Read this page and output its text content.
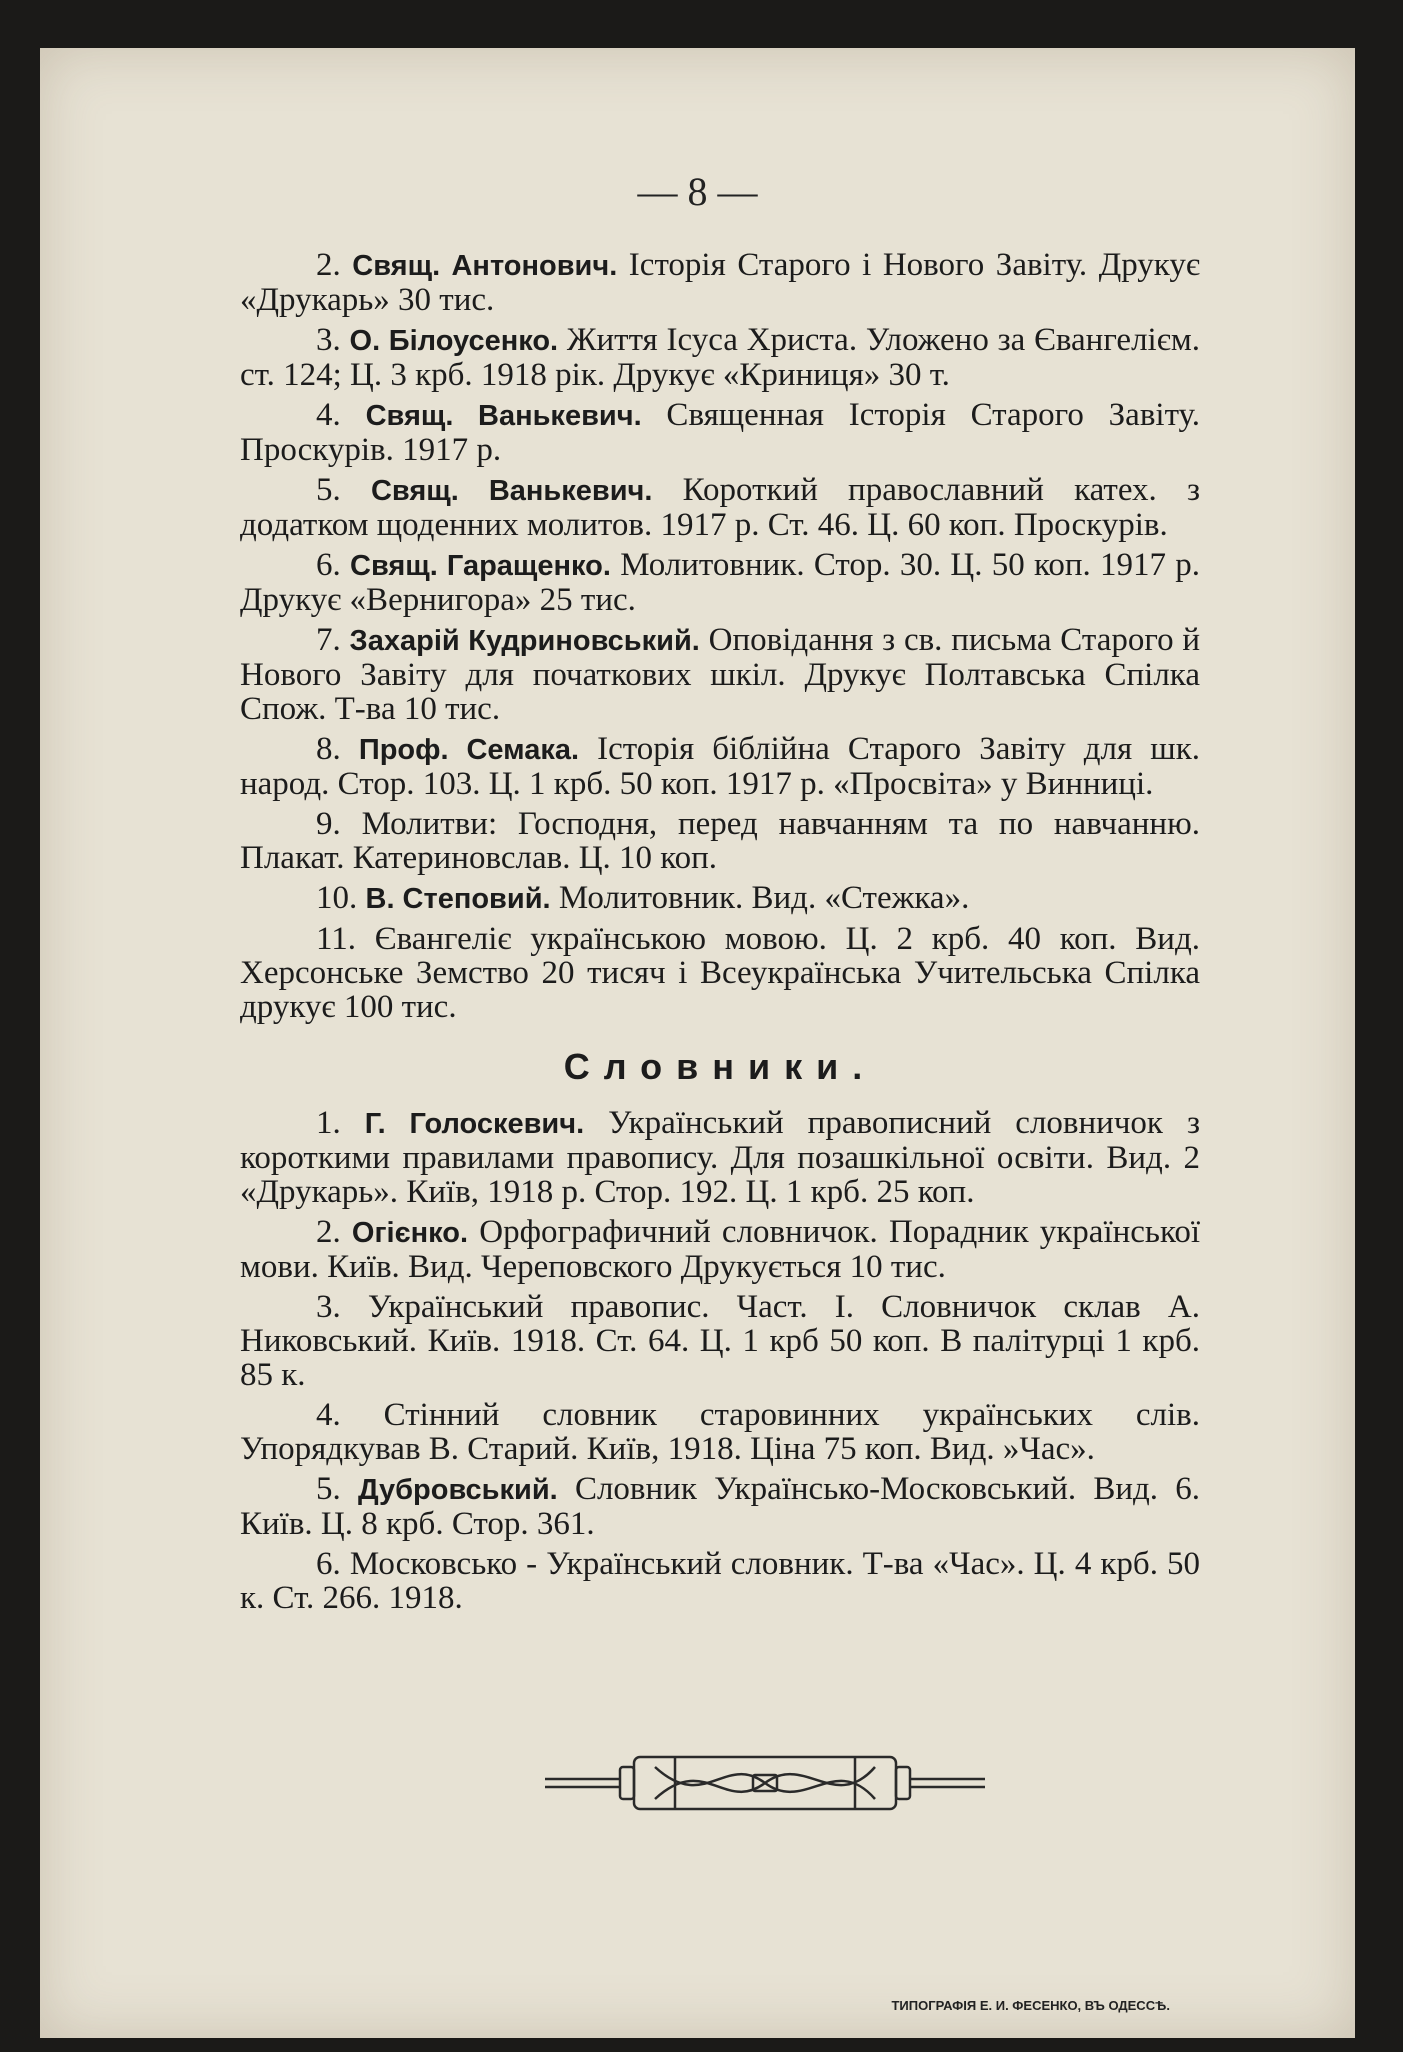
— 8 —

2. Свящ. Антонович. Історія Старого і Нового Завіту. Друкує «Друкарь» 30 тис.

3. О. Білоусенко. Життя Ісуса Христа. Уложено за Євангелієм. ст. 124; Ц. 3 крб. 1918 рік. Друкує «Криниця» 30 т.

4. Свящ. Ванькевич. Священная Історія Старого Завіту. Проскурів. 1917 р.

5. Свящ. Ванькевич. Короткий православний катех. з додатком щоденних молитов. 1917 р. Ст. 46. Ц. 60 коп. Проскурів.

6. Свящ. Гаращенко. Молитовник. Стор. 30. Ц. 50 коп. 1917 р. Друкує «Вернигора» 25 тис.

7. Захарій Кудриновський. Оповідання з св. письма Старого й Нового Завіту для початкових шкіл. Друкує Полтавська Спілка Спож. Т-ва 10 тис.

8. Проф. Семака. Історія біблійна Старого Завіту для шк. народ. Стор. 103. Ц. 1 крб. 50 коп. 1917 р. «Просвіта» у Винниці.

9. Молитви: Господня, перед навчанням та по навчанню. Плакат. Катериновслав. Ц. 10 коп.

10. В. Степовий. Молитовник. Вид. «Стежка».

11. Євангеліє українською мовою. Ц. 2 крб. 40 коп. Вид. Херсонське Земство 20 тисяч і Всеукраїнська Учительська Спілка друкує 100 тис.

Словники.

1. Г. Голоскевич. Український правописний словничок з короткими правилами правопису. Для позашкільної освіти. Вид. 2 «Друкарь». Київ, 1918 р. Стор. 192. Ц. 1 крб. 25 коп.

2. Огієнко. Орфографичний словничок. Порадник української мови. Київ. Вид. Череповского Друкується 10 тис.

3. Український правопис. Част. I. Словничок склав А. Никовський. Київ. 1918. Ст. 64. Ц. 1 крб 50 коп. В палітурці 1 крб. 85 к.

4. Стінний словник старовинних українських слів. Упорядкував В. Старий. Київ, 1918. Ціна 75 коп. Вид. »Час».

5. Дубровський. Словник Українсько-Московський. Вид. 6. Київ. Ц. 8 крб. Стор. 361.

6. Московсько - Український словник. Т-ва «Час». Ц. 4 крб. 50 к. Ст. 266. 1918.

ТИПОГРАФІЯ Е. И. ФЕСЕНКО, ВЪ ОДЕССѢ.
